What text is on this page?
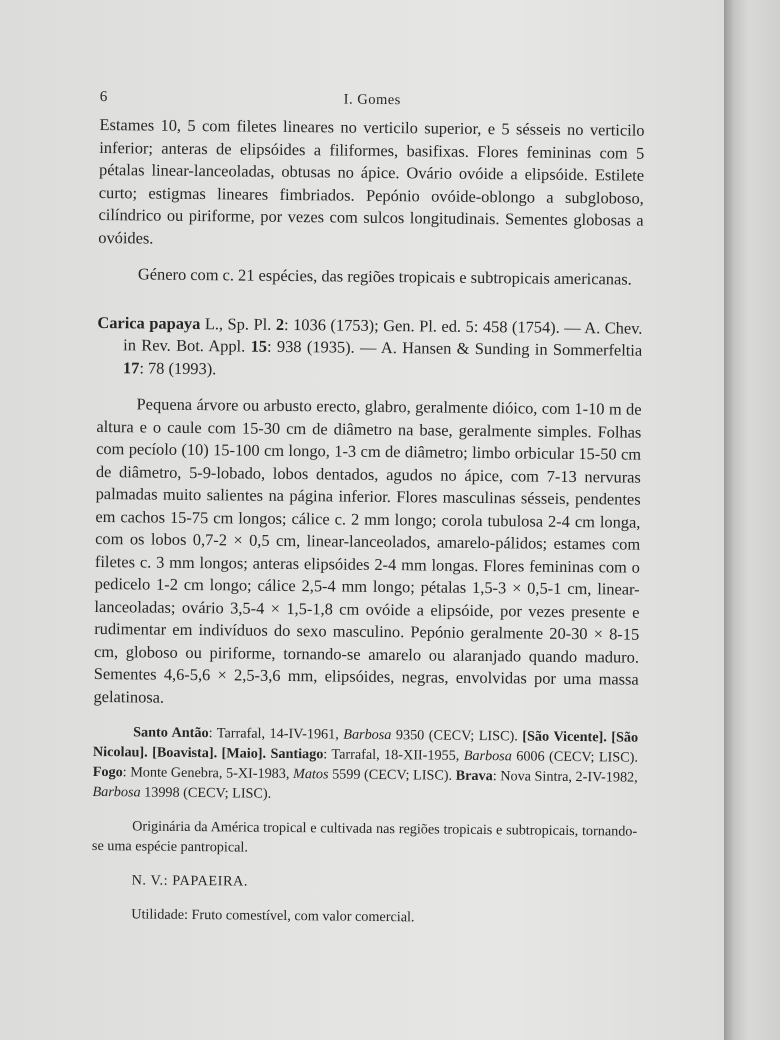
6	I. Gomes

Estames 10, 5 com filetes lineares no verticilo superior, e 5 sésseis no verticilo inferior; anteras de elipsóides a filiformes, basifixas. Flores femininas com 5 pétalas linear-lanceoladas, obtusas no ápice. Ovário ovóide a elipsóide. Estilete curto; estigmas lineares fimbriados. Pepónio ovóide-oblongo a subgloboso, cilíndrico ou piriforme, por vezes com sulcos longitudinais. Sementes globosas a ovóides.

Género com c. 21 espécies, das regiões tropicais e subtropicais americanas.

Carica papaya L., Sp. Pl. 2: 1036 (1753); Gen. Pl. ed. 5: 458 (1754). — A. Chev. in Rev. Bot. Appl. 15: 938 (1935). — A. Hansen & Sunding in Sommerfeltia 17: 78 (1993).

Pequena árvore ou arbusto erecto, glabro, geralmente dióico, com 1-10 m de altura e o caule com 15-30 cm de diâmetro na base, geralmente simples. Folhas com pecíolo (10) 15-100 cm longo, 1-3 cm de diâmetro; limbo orbicular 15-50 cm de diâmetro, 5-9-lobado, lobos dentados, agudos no ápice, com 7-13 nervuras palmadas muito salientes na página inferior. Flores masculinas sésseis, pendentes em cachos 15-75 cm longos; cálice c. 2 mm longo; corola tubulosa 2-4 cm longa, com os lobos 0,7-2 × 0,5 cm, linear-lanceolados, amarelo-pálidos; estames com filetes c. 3 mm longos; anteras elipsóides 2-4 mm longas. Flores femininas com o pedicelo 1-2 cm longo; cálice 2,5-4 mm longo; pétalas 1,5-3 × 0,5-1 cm, linear-lanceoladas; ovário 3,5-4 × 1,5-1,8 cm ovóide a elipsóide, por vezes presente e rudimentar em indivíduos do sexo masculino. Pepónio geralmente 20-30 × 8-15 cm, globoso ou piriforme, tornando-se amarelo ou alaranjado quando maduro. Sementes 4,6-5,6 × 2,5-3,6 mm, elipsóides, negras, envolvidas por uma massa gelatinosa.

Santo Antão: Tarrafal, 14-IV-1961, Barbosa 9350 (CECV; LISC). [São Vicente]. [São Nicolau]. [Boavista]. [Maio]. Santiago: Tarrafal, 18-XII-1955, Barbosa 6006 (CECV; LISC). Fogo: Monte Genebra, 5-XI-1983, Matos 5599 (CECV; LISC). Brava: Nova Sintra, 2-IV-1982, Barbosa 13998 (CECV; LISC).

Originária da América tropical e cultivada nas regiões tropicais e subtropicais, tornando-se uma espécie pantropical.

N. V.: PAPAEIRA.

Utilidade: Fruto comestível, com valor comercial.
